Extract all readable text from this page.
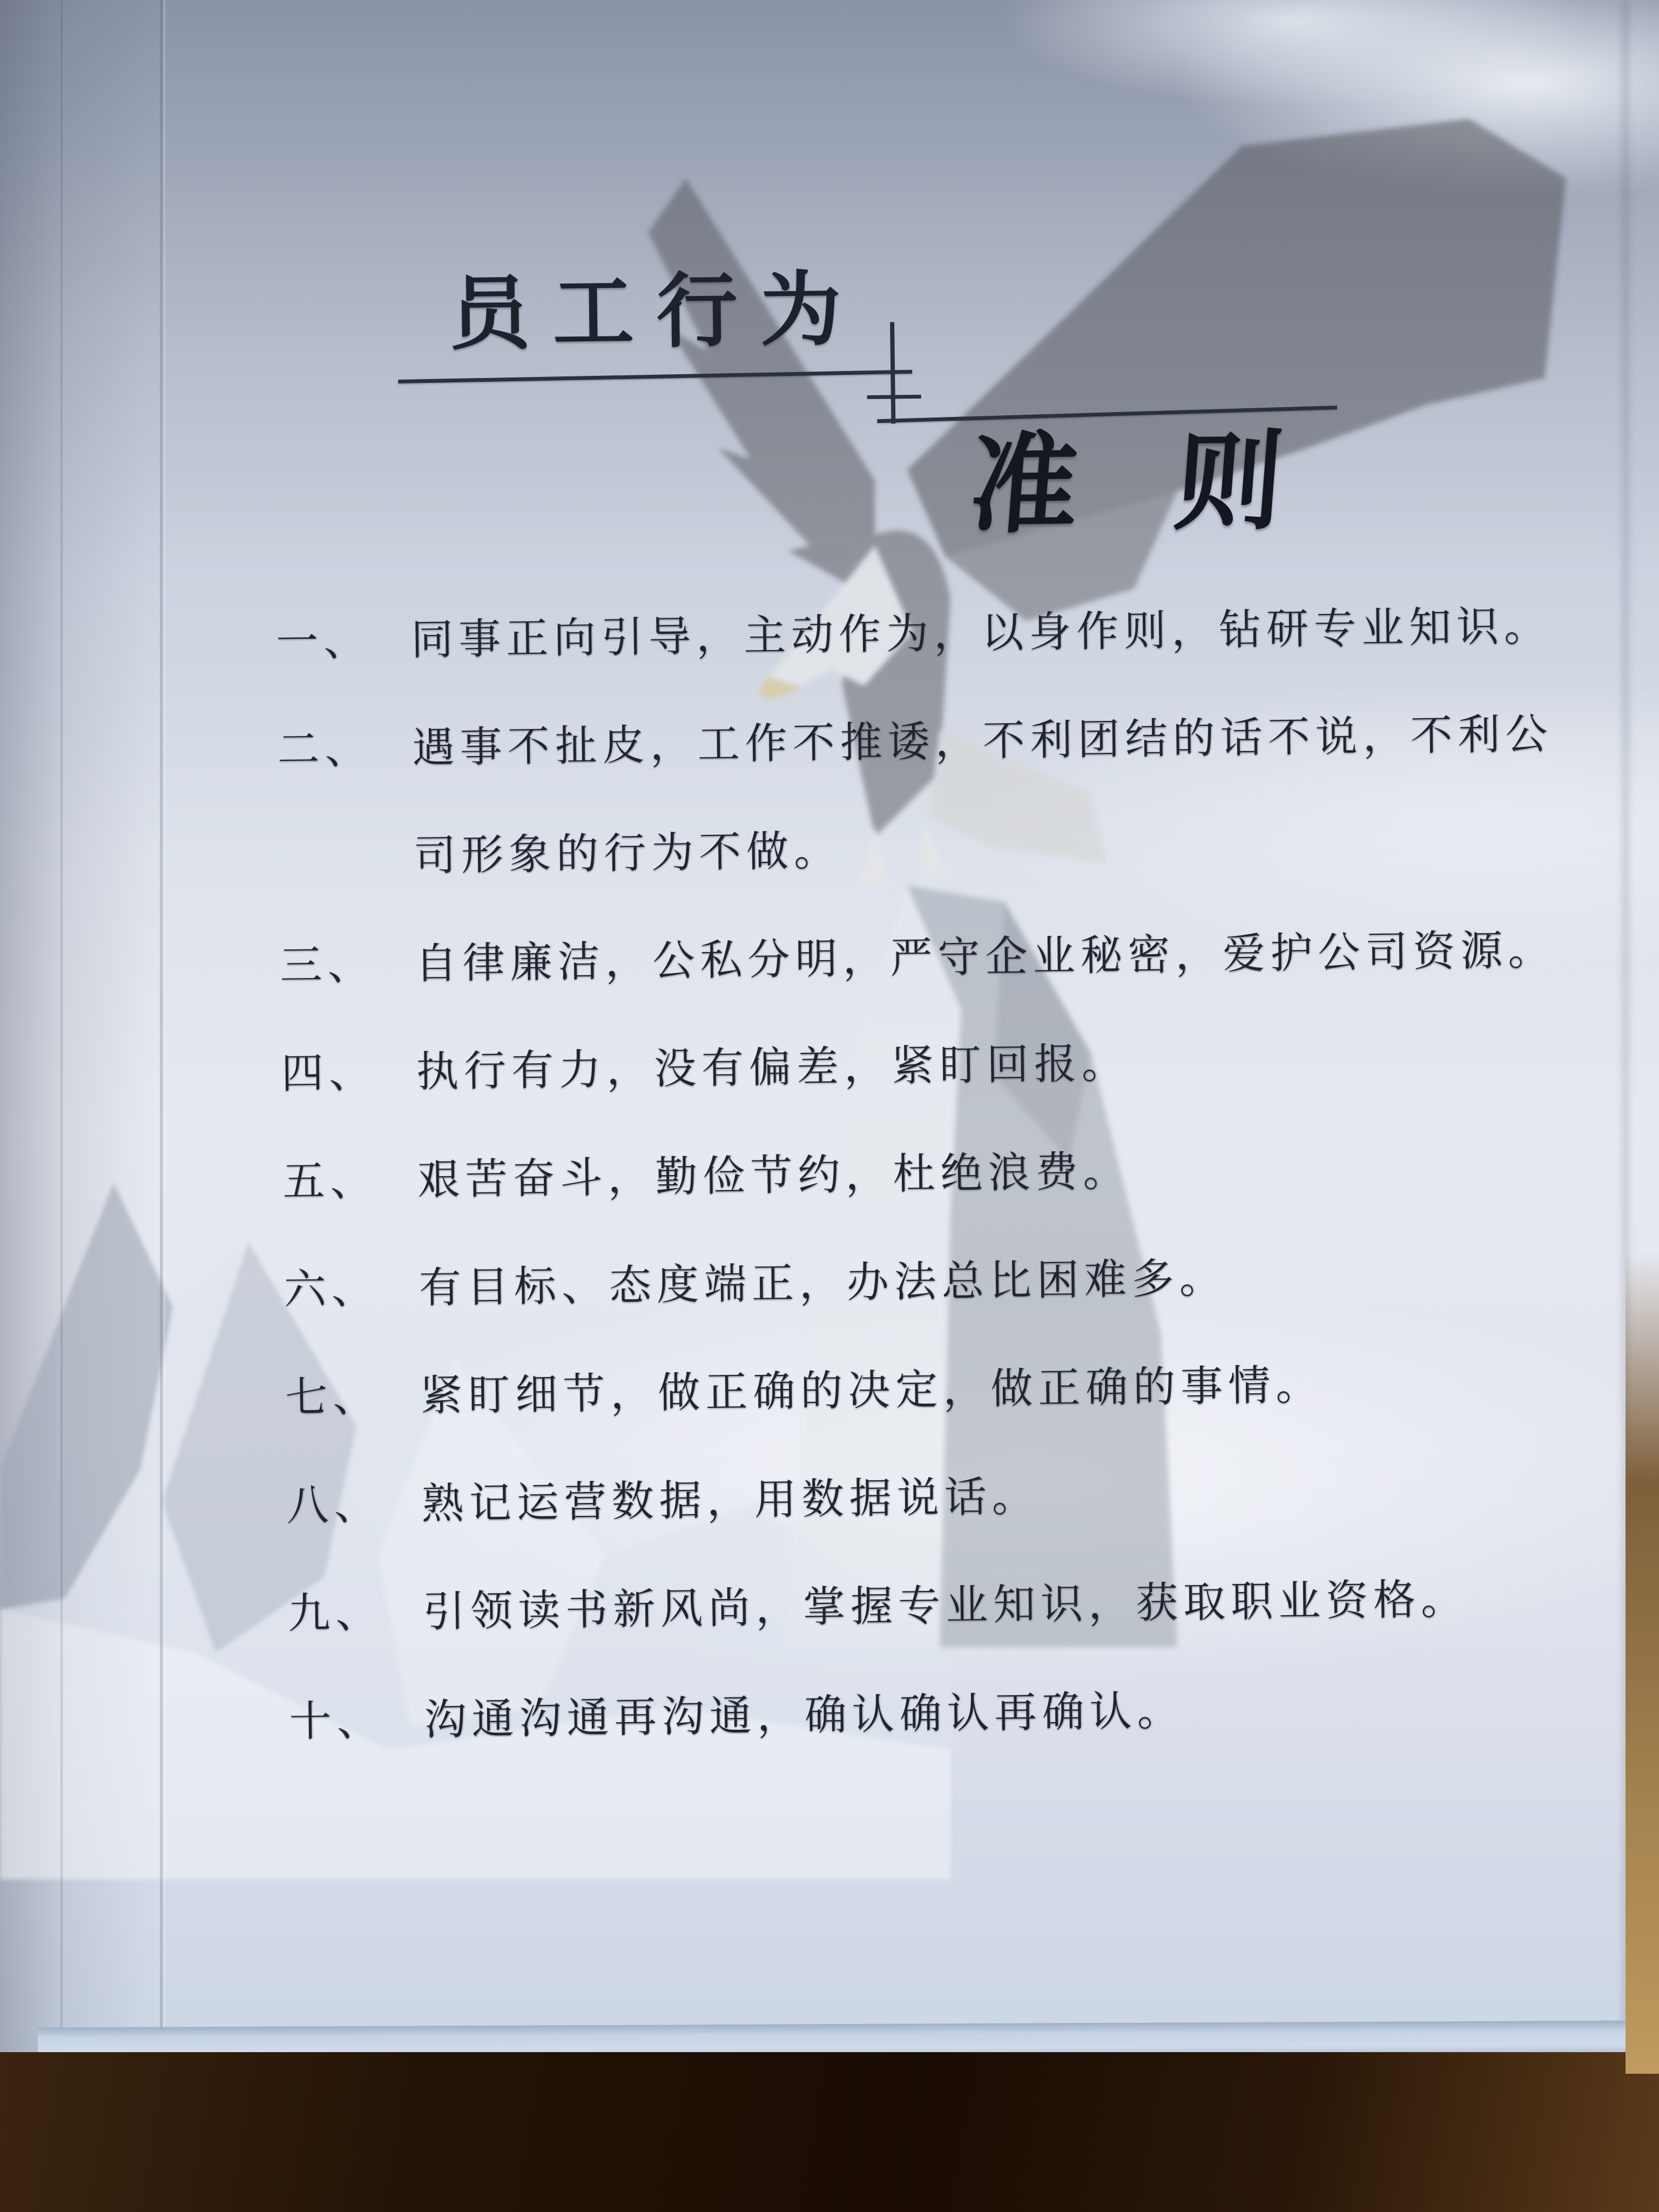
员工行为
准 则
一、 同事正向引导，主动作为，以身作则，钻研专业知识。
二、 遇事不扯皮，工作不推诿，不利团结的话不说，不利公司形象的行为不做。
三、 自律廉洁，公私分明，严守企业秘密，爱护公司资源。
四、 执行有力，没有偏差，紧盯回报。
五、 艰苦奋斗，勤俭节约，杜绝浪费。
六、 有目标、态度端正，办法总比困难多。
七、 紧盯细节，做正确的决定，做正确的事情。
八、 熟记运营数据，用数据说话。
九、 引领读书新风尚，掌握专业知识，获取职业资格。
十、 沟通沟通再沟通，确认确认再确认。
